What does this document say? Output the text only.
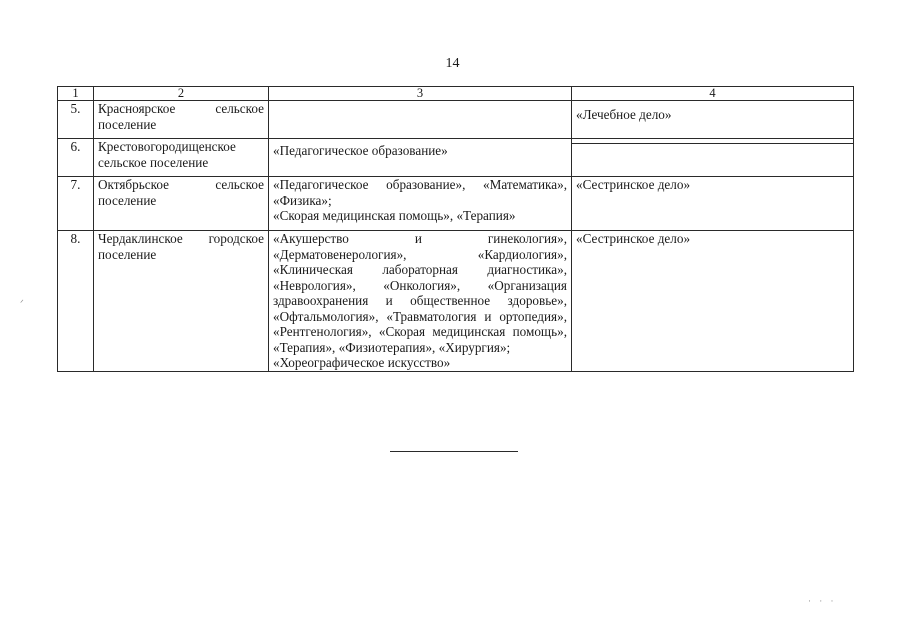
14
1	2	3	4
5.	Красноярское сельское поселение		«Лечебное дело»
6.	Крестовогородищенское сельское поселение	«Педагогическое образование»	

7.	Октябрьское сельское поселение	«Педагогическое образование», «Математика», «Физика»;
«Скорая медицинская помощь», «Терапия»	«Сестринское дело»
8.	Чердаклинское городское поселение	«Акушерство и гинекология», «Дерматовенерология», «Кардиология», «Клиническая лабораторная диагностика», «Неврология», «Онкология», «Организация здравоохранения и общественное здоровье», «Офтальмология», «Травматология и ортопедия», «Рентгенология», «Скорая медицинская помощь», «Терапия», «Физиотерапия», «Хирургия»;
«Хореографическое искусство»	«Сестринское дело»
ᐟ
· · ·
